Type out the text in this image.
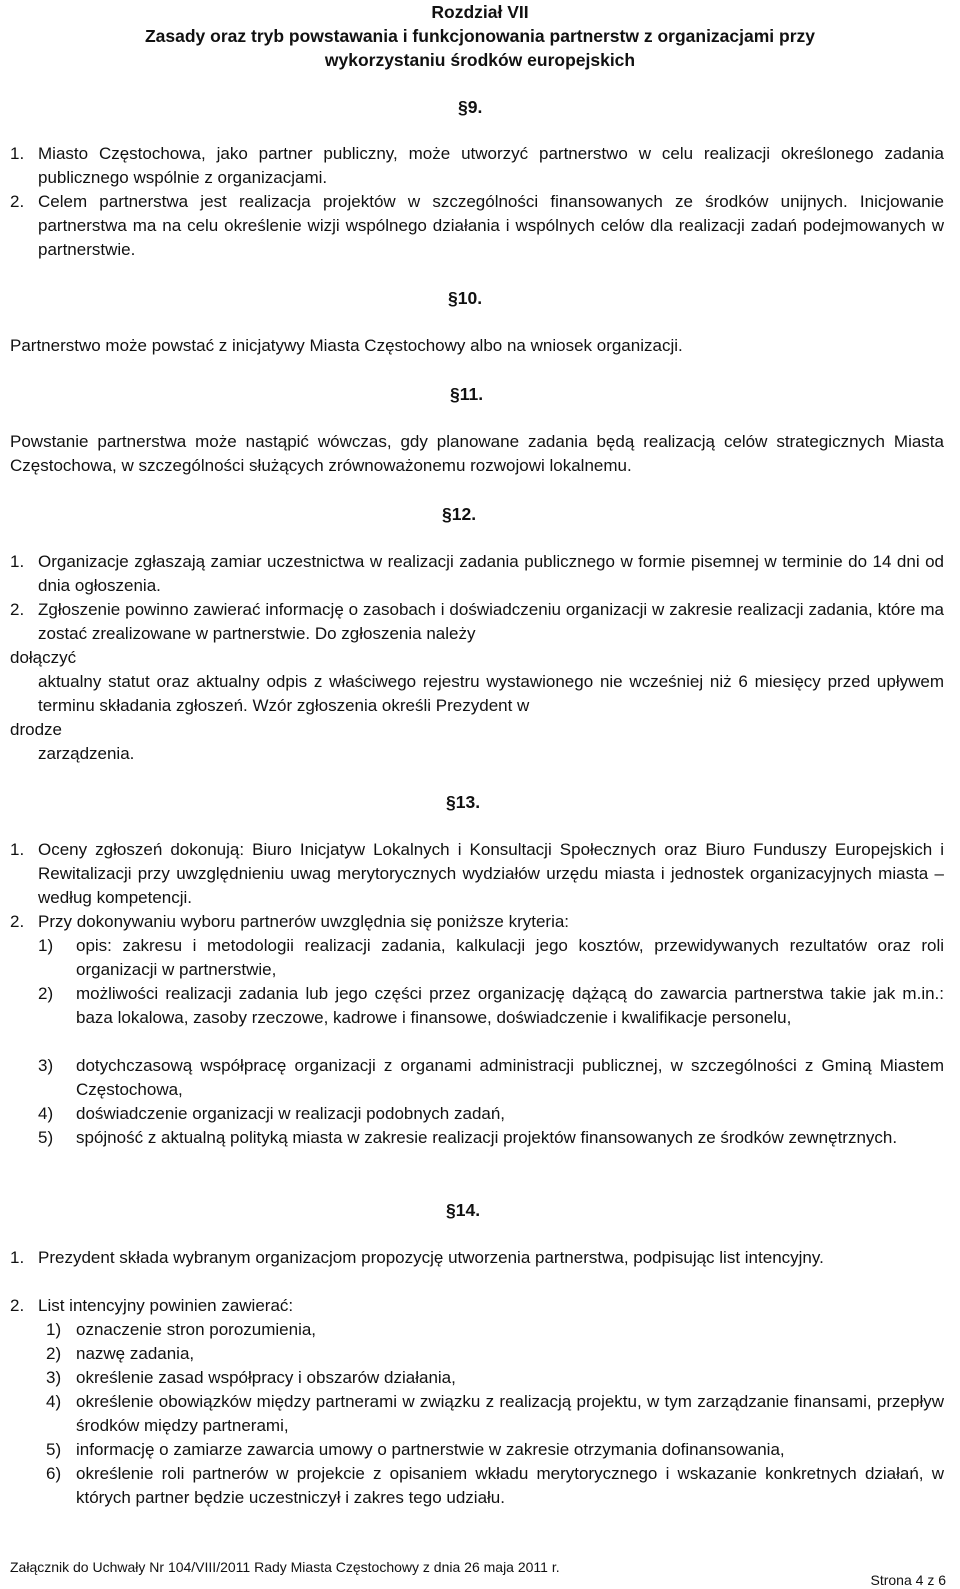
Rozdział VII
Zasady oraz tryb powstawania i funkcjonowania partnerstw z organizacjami przy
wykorzystaniu środków europejskich
§9.
1. Miasto Częstochowa, jako partner publiczny, może utworzyć partnerstwo w celu realizacji określonego zadania publicznego wspólnie z organizacjami.
2. Celem partnerstwa jest realizacja projektów w szczególności finansowanych ze środków unijnych. Inicjowanie partnerstwa ma na celu określenie wizji wspólnego działania i wspólnych celów dla realizacji zadań podejmowanych w partnerstwie.
§10.
Partnerstwo może powstać z inicjatywy Miasta Częstochowy albo na wniosek organizacji.
§11.
Powstanie partnerstwa może nastąpić wówczas, gdy planowane zadania będą realizacją celów strategicznych Miasta Częstochowa, w szczególności służących zrównoważonemu rozwojowi lokalnemu.
§12.
1. Organizacje zgłaszają zamiar uczestnictwa w realizacji zadania publicznego w formie pisemnej w terminie do 14 dni od dnia ogłoszenia.
2. Zgłoszenie powinno zawierać informację o zasobach i doświadczeniu organizacji w zakresie realizacji zadania, które ma zostać zrealizowane w partnerstwie. Do zgłoszenia należy
dołączyć
aktualny statut oraz aktualny odpis z właściwego rejestru wystawionego nie wcześniej niż 6 miesięcy przed upływem terminu składania zgłoszeń. Wzór zgłoszenia określi Prezydent w
drodze
zarządzenia.
§13.
1. Oceny zgłoszeń dokonują: Biuro Inicjatyw Lokalnych i Konsultacji Społecznych oraz Biuro Funduszy Europejskich i Rewitalizacji przy uwzględnieniu uwag merytorycznych wydziałów urzędu miasta i jednostek organizacyjnych miasta – według kompetencji.
2. Przy dokonywaniu wyboru partnerów uwzględnia się poniższe kryteria:
1) opis: zakresu i metodologii realizacji zadania, kalkulacji jego kosztów, przewidywanych rezultatów oraz roli organizacji w partnerstwie,
2) możliwości realizacji zadania lub jego części przez organizację dążącą do zawarcia partnerstwa takie jak m.in.: baza lokalowa, zasoby rzeczowe, kadrowe i finansowe, doświadczenie i kwalifikacje personelu,
3) dotychczasową współpracę organizacji z organami administracji publicznej, w szczególności z Gminą Miastem Częstochowa,
4) doświadczenie organizacji w realizacji podobnych zadań,
5) spójność z aktualną polityką miasta w zakresie realizacji projektów finansowanych ze środków zewnętrznych.
§14.
1. Prezydent składa wybranym organizacjom propozycję utworzenia partnerstwa, podpisując list intencyjny.
2. List intencyjny powinien zawierać:
1) oznaczenie stron porozumienia,
2) nazwę zadania,
3) określenie zasad współpracy i obszarów działania,
4) określenie obowiązków między partnerami w związku z realizacją projektu, w tym zarządzanie finansami, przepływ środków między partnerami,
5) informację o zamiarze zawarcia umowy o partnerstwie w zakresie otrzymania dofinansowania,
6) określenie roli partnerów w projekcie z opisaniem wkładu merytorycznego i wskazanie konkretnych działań, w których partner będzie uczestniczył i zakres tego udziału.
Załącznik do Uchwały Nr 104/VIII/2011 Rady Miasta Częstochowy z dnia 26 maja 2011 r.
Strona 4 z 6
